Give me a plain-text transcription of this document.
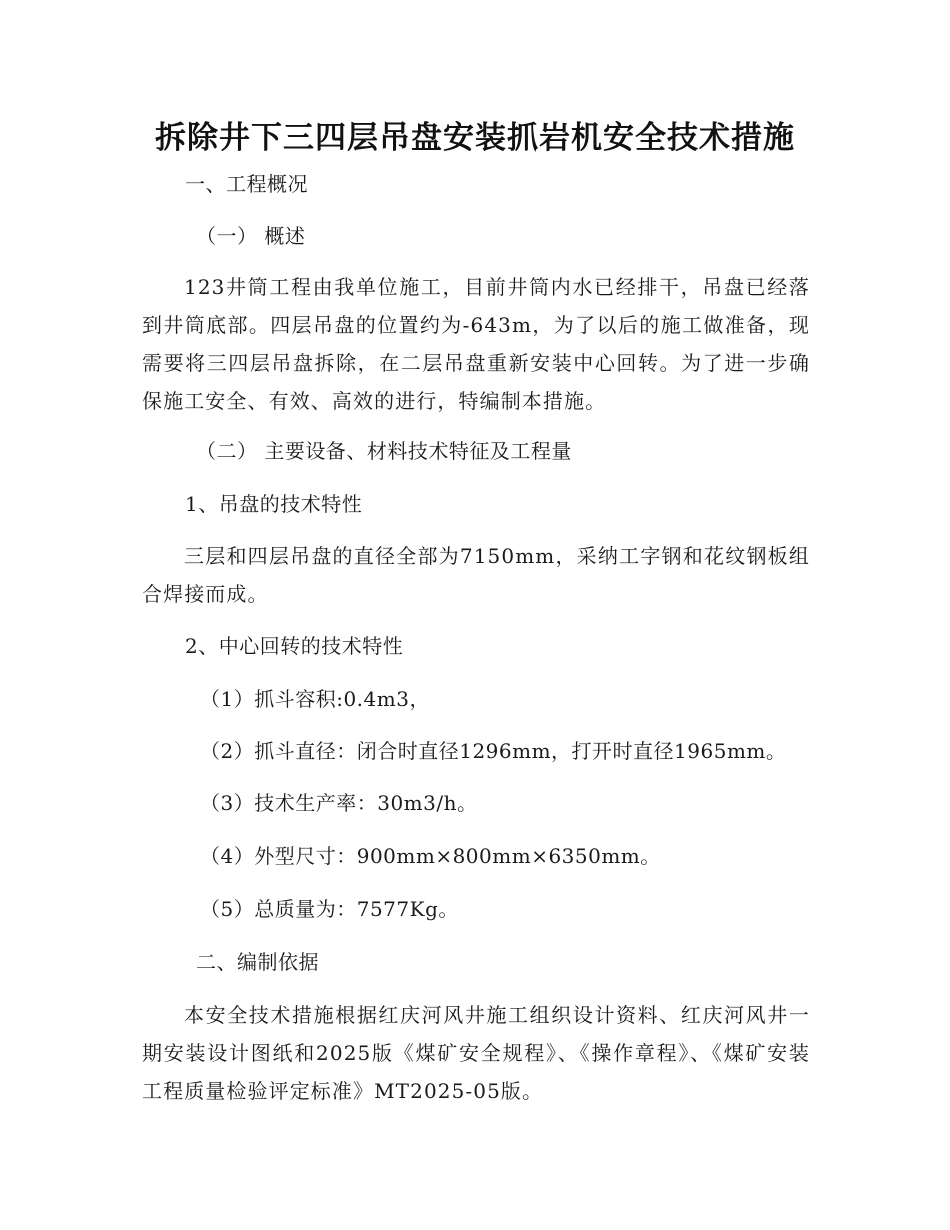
拆除井下三四层吊盘安装抓岩机安全技术措施
一、工程概况
（一） 概述
123井筒工程由我单位施工，目前井筒内水已经排干，吊盘已经落到井筒底部。四层吊盘的位置约为-643m，为了以后的施工做准备，现需要将三四层吊盘拆除，在二层吊盘重新安装中心回转。为了进一步确保施工安全、有效、高效的进行，特编制本措施。
（二） 主要设备、材料技术特征及工程量
1、吊盘的技术特性
三层和四层吊盘的直径全部为7150mm，采纳工字钢和花纹钢板组合焊接而成。
2、中心回转的技术特性
（1）抓斗容积:0.4m3，
（2）抓斗直径：闭合时直径1296mm，打开时直径1965mm。
（3）技术生产率：30m3/h。
（4）外型尺寸：900mm×800mm×6350mm。
（5）总质量为：7577Kg。
二、编制依据
本安全技术措施根据红庆河风井施工组织设计资料、红庆河风井一期安装设计图纸和2025版《煤矿安全规程》、《操作章程》、《煤矿安装工程质量检验评定标准》MT2025-05版。
